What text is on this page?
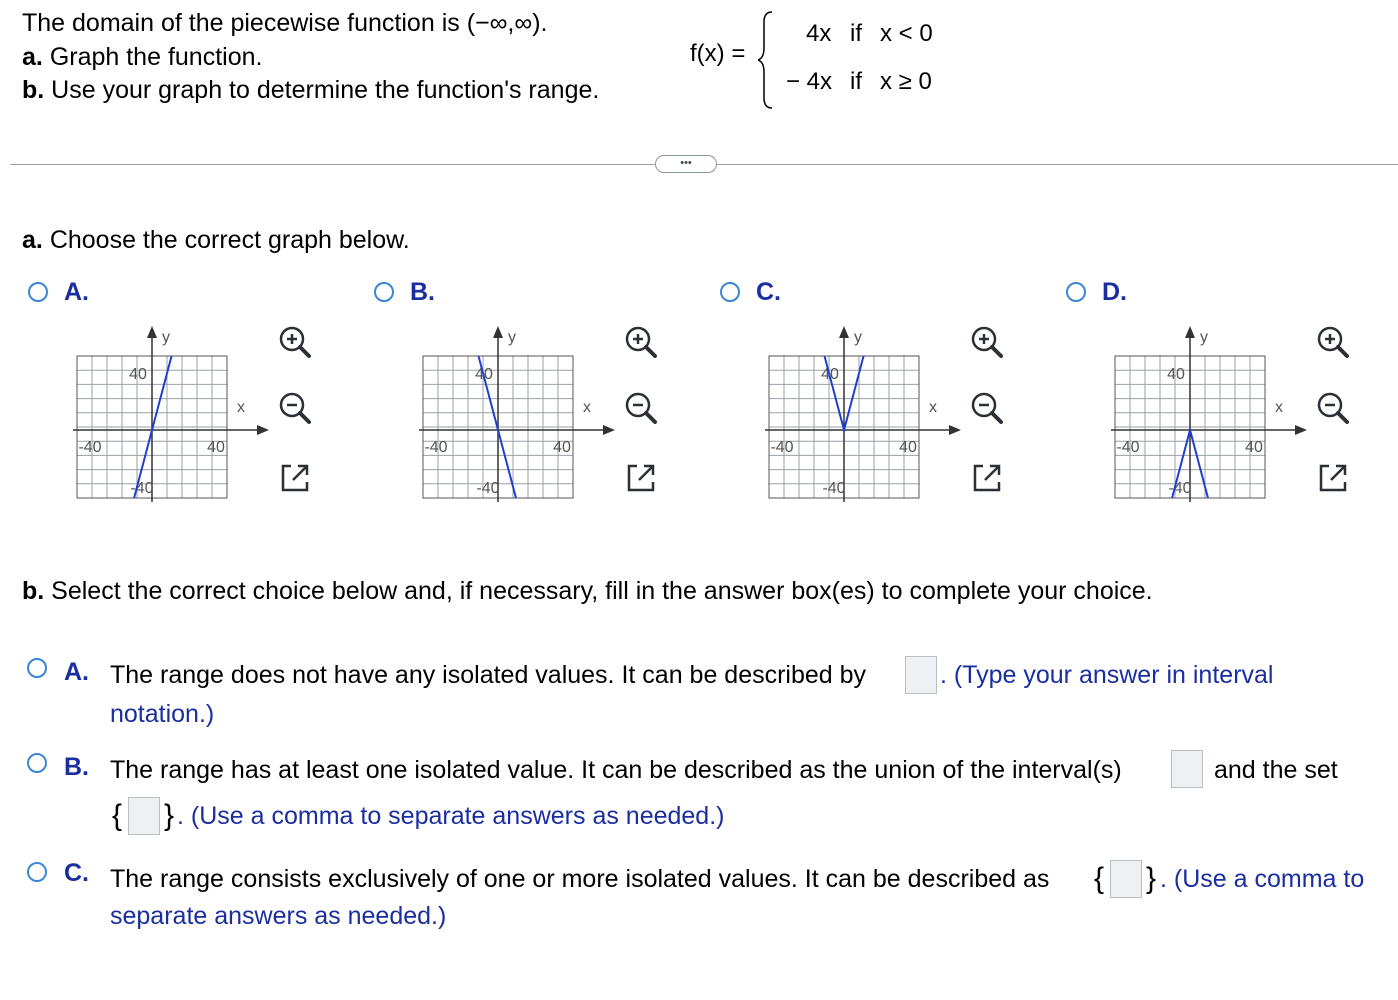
The domain of the piecewise function is (−∞,∞).
a. Graph the function.
b. Use your graph to determine the function's range.
f(x) =
4x if x < 0
− 4x if x ≥ 0
•••
a. Choose the correct graph below.
A.
40
-40
-40	40
x
y
B.
40
-40
-40	40
x
y
C.
40
-40
-40	40
x
y
D.
40
-40
-40	40
x
y
b. Select the correct choice below and, if necessary, fill in the answer box(es) to complete your choice.
A. The range does not have any isolated values. It can be described by	. (Type your answer in interval
notation.)
B. The range has at least one isolated value. It can be described as the union of the interval(s)	and the set
{ } . (Use a comma to separate answers as needed.)
C. The range consists exclusively of one or more isolated values. It can be described as { } . (Use a comma to
separate answers as needed.)
